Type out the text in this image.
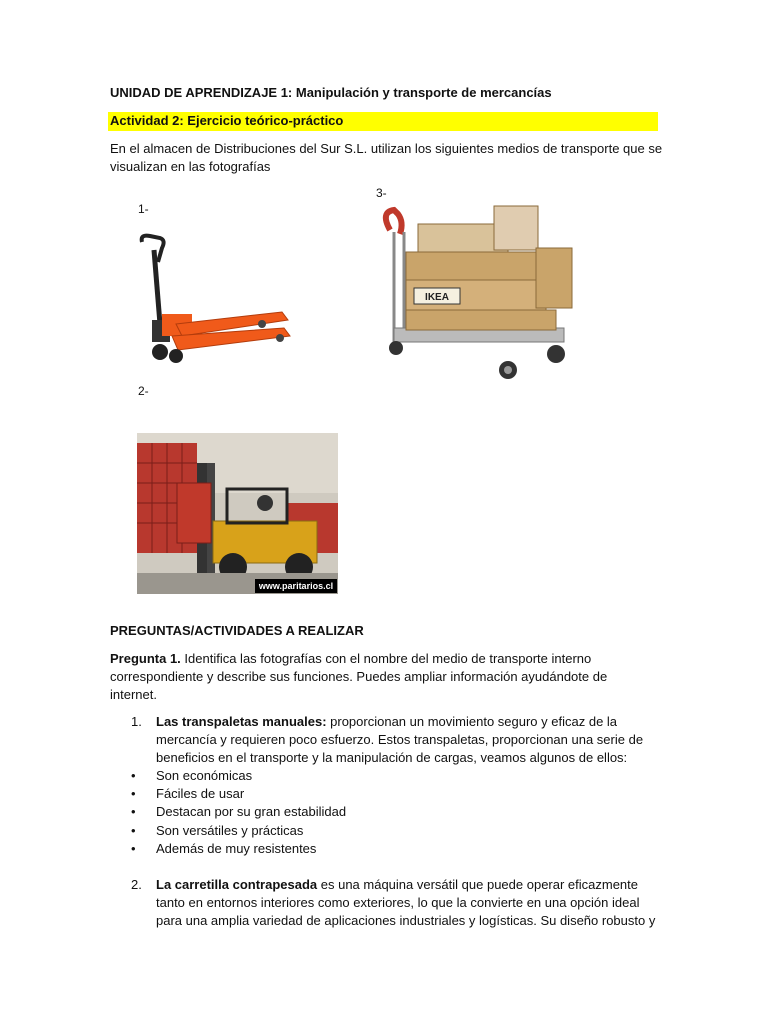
UNIDAD DE APRENDIZAJE 1: Manipulación y transporte de mercancías
Actividad 2: Ejercicio teórico-práctico
En el almacen de Distribuciones del Sur S.L. utilizan los siguientes medios de transporte que se
visualizan en las fotografías
1-
2-
3-
IKEA
www.paritarios.cl
PREGUNTAS/ACTIVIDADES A REALIZAR
Pregunta 1. Identifica las fotografías con el nombre del medio de transporte interno
correspondiente y describe sus funciones. Puedes ampliar información ayudándote de
internet.
1. Las transpaletas manuales: proporcionan un movimiento seguro y eficaz de la
mercancía y requieren poco esfuerzo. Estos transpaletas, proporcionan una serie de
beneficios en el transporte y la manipulación de cargas, veamos algunos de ellos:
• Son económicas
• Fáciles de usar
• Destacan por su gran estabilidad
• Son versátiles y prácticas
• Además de muy resistentes
2. La carretilla contrapesada es una máquina versátil que puede operar eficazmente
tanto en entornos interiores como exteriores, lo que la convierte en una opción ideal
para una amplia variedad de aplicaciones industriales y logísticas. Su diseño robusto y
